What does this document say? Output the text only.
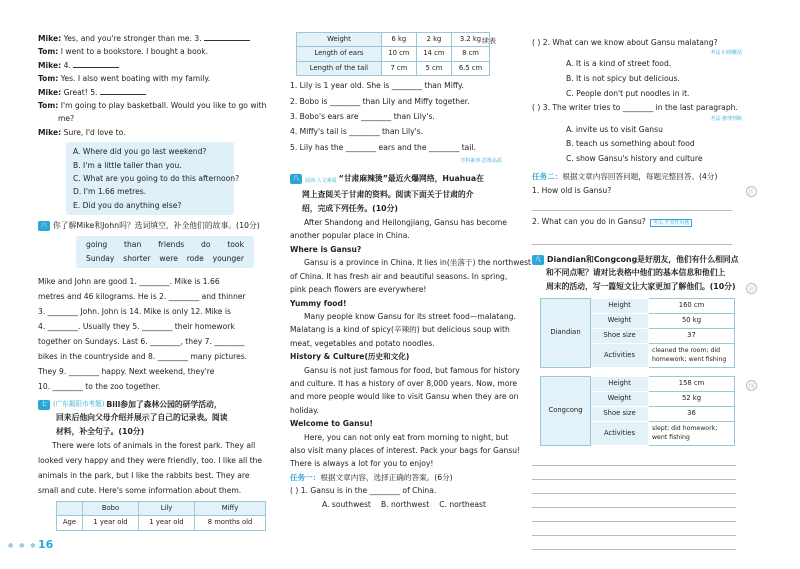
● ● ● 16
续表
折
封
线
Mike: Yes, and you're stronger than me. 3.
Tom: I went to a bookstore. I bought a book.
Mike: 4.
Tom: Yes. I also went boating with my family.
Mike: Great! 5.
Tom: I'm going to play basketball. Would you like to go with
me?
Mike: Sure, I'd love to.
A. Where did you go last weekend?
B. I'm a little taller than you.
C. What are you going to do this afternoon?
D. I'm 1.66 metres.
E. Did you do anything else?
六 你了解Mike和John吗？选词填空，补全他们的故事。(10分)
going than friends do took
Sunday shorter were rode younger
Mike and John are good 1. ________. Mike is 1.66
metres and 46 kilograms. He is 2. ________ and thinner
3. ________ John. John is 14. Mike is only 12. Mike is
4. ________. Usually they 5. ________ their homework
together on Sundays. Last 6. ________, they 7. ________
bikes in the countryside and 8. ________ many pictures.
They 9. ________ happy. Next weekend, they're
10. ________ to the zoo together.
七 (广东揭阳市考题) Bill参加了森林公园的研学活动，
回来后他向父母介绍并展示了自己的记录表。阅读
材料，补全句子。(10分)
There were lots of animals in the forest park. They all
looked very happy and they were friendly, too. I like all the
animals in the park, but I like the rabbits best. They are
small and cute. Here's some information about them.
	Bobo	Lily	Miffy
Age	1 year old	1 year old	8 months old
Weight	6 kg	2 kg	3.2 kg
Length of ears	10 cm	14 cm	8 cm
Length of the tail	7 cm	5 cm	6.5 cm
1. Lily is 1 year old. She is ________ than Miffy.
2. Bobo is ________ than Lily and Miffy together.
3. Bobo's ears are ________ than Lily's.
4. Miffy's tail is ________ than Lily's.
5. Lily has the ________ ears and the ________ tail.
学科素养·思维品质
八	阅读·人文素质 “甘肃麻辣烫”最近火爆网络，Huahua在
网上查阅关于甘肃的资料。阅读下面关于甘肃的介
绍，完成下列任务。(10分)
After Shandong and Heilongjiang, Gansu has become
another popular place in China.
Where is Gansu?
Gansu is a province in China. It lies in(坐落于) the northwest
of China. It has fresh air and beautiful seasons. In spring,
pink peach flowers are everywhere!
Yummy food!
Many people know Gansu for its street food—malatang.
Malatang is a kind of spicy(辛辣的) but delicious soup with
meat, vegetables and potato noodles.
History & Culture(历史和文化)
Gansu is not just famous for food, but famous for history
and culture. It has a history of over 8,000 years. Now, more
and more people would like to visit Gansu when they are on
holiday.
Welcome to Gansu!
Here, you can not only eat from morning to night, but
also visit many places of interest. Pack your bags for Gansu!
There is always a lot for you to enjoy!
任务一：根据文章内容，选择正确的答案。(6分)
( ) 1. Gansu is in the ________ of China.
A. southwest B. northwest C. northeast
( ) 2. What can we know about Gansu malatang?
考法·归纳概括
A. It is a kind of street food.
B. It is not spicy but delicious.
C. People don't put noodles in it.
( ) 3. The writer tries to ________ in the last paragraph.
考法·推理判断
A. invite us to visit Gansu
B. teach us something about food
C. show Gansu's history and culture
任务二：根据文章内容回答问题，每题完整回答。(4分)
1. How old is Gansu?
2. What can you do in Gansu? 考法·开放性问题
九 Diandian和Congcong是好朋友，他们有什么相同点
和不同点呢？请对比表格中他们的基本信息和他们上
周末的活动，写一篇短文让大家更加了解他们。(10分)
Diandian	Height	160 cm
	Weight	50 kg
	Shoe size	37
	Activities	cleaned the room; did homework; went fishing
Congcong	Height	158 cm
	Weight	52 kg
	Shoe size	36
	Activities	slept; did homework; went fishing
